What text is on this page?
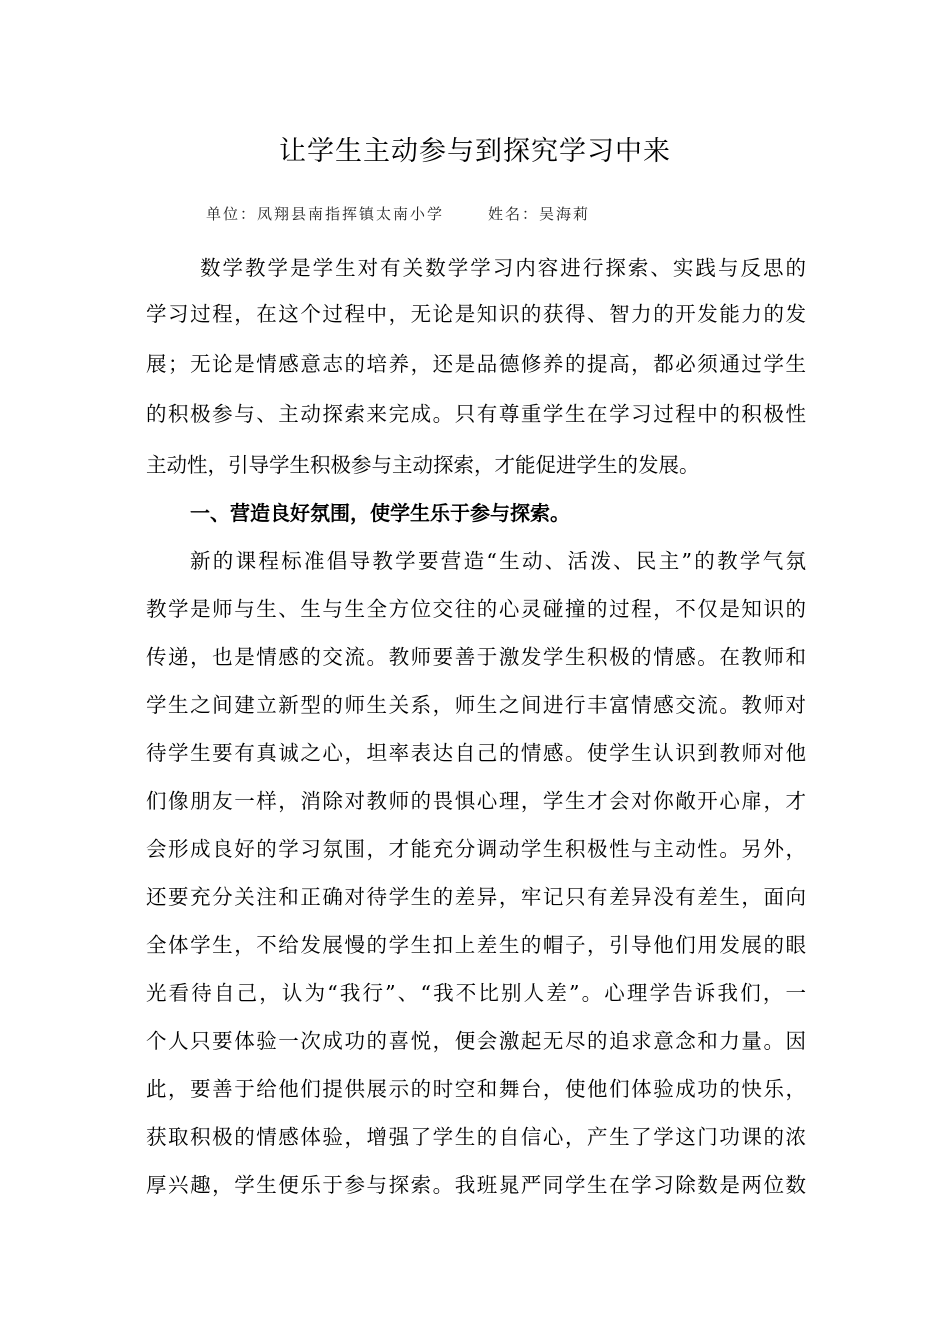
让学生主动参与到探究学习中来
单位：凤翔县南指挥镇太南小学	姓名：吴海莉
数学教学是学生对有关数学学习内容进行探索、实践与反思的
学习过程，在这个过程中，无论是知识的获得、智力的开发能力的发
展；无论是情感意志的培养，还是品德修养的提高，都必须通过学生
的积极参与、主动探索来完成。只有尊重学生在学习过程中的积极性
主动性，引导学生积极参与主动探索，才能促进学生的发展。
一、营造良好氛围，使学生乐于参与探索。
新的课程标准倡导教学要营造“生动、活泼、民主”的教学气氛
教学是师与生、生与生全方位交往的心灵碰撞的过程，不仅是知识的
传递，也是情感的交流。教师要善于激发学生积极的情感。在教师和
学生之间建立新型的师生关系，师生之间进行丰富情感交流。教师对
待学生要有真诚之心，坦率表达自己的情感。使学生认识到教师对他
们像朋友一样，消除对教师的畏惧心理，学生才会对你敞开心扉，才
会形成良好的学习氛围，才能充分调动学生积极性与主动性。另外，
还要充分关注和正确对待学生的差异，牢记只有差异没有差生，面向
全体学生，不给发展慢的学生扣上差生的帽子，引导他们用发展的眼
光看待自己，认为“我行”、“我不比别人差”。心理学告诉我们，一
个人只要体验一次成功的喜悦，便会激起无尽的追求意念和力量。因
此，要善于给他们提供展示的时空和舞台，使他们体验成功的快乐，
获取积极的情感体验，增强了学生的自信心，产生了学这门功课的浓
厚兴趣，学生便乐于参与探索。我班晁严同学生在学习除数是两位数
